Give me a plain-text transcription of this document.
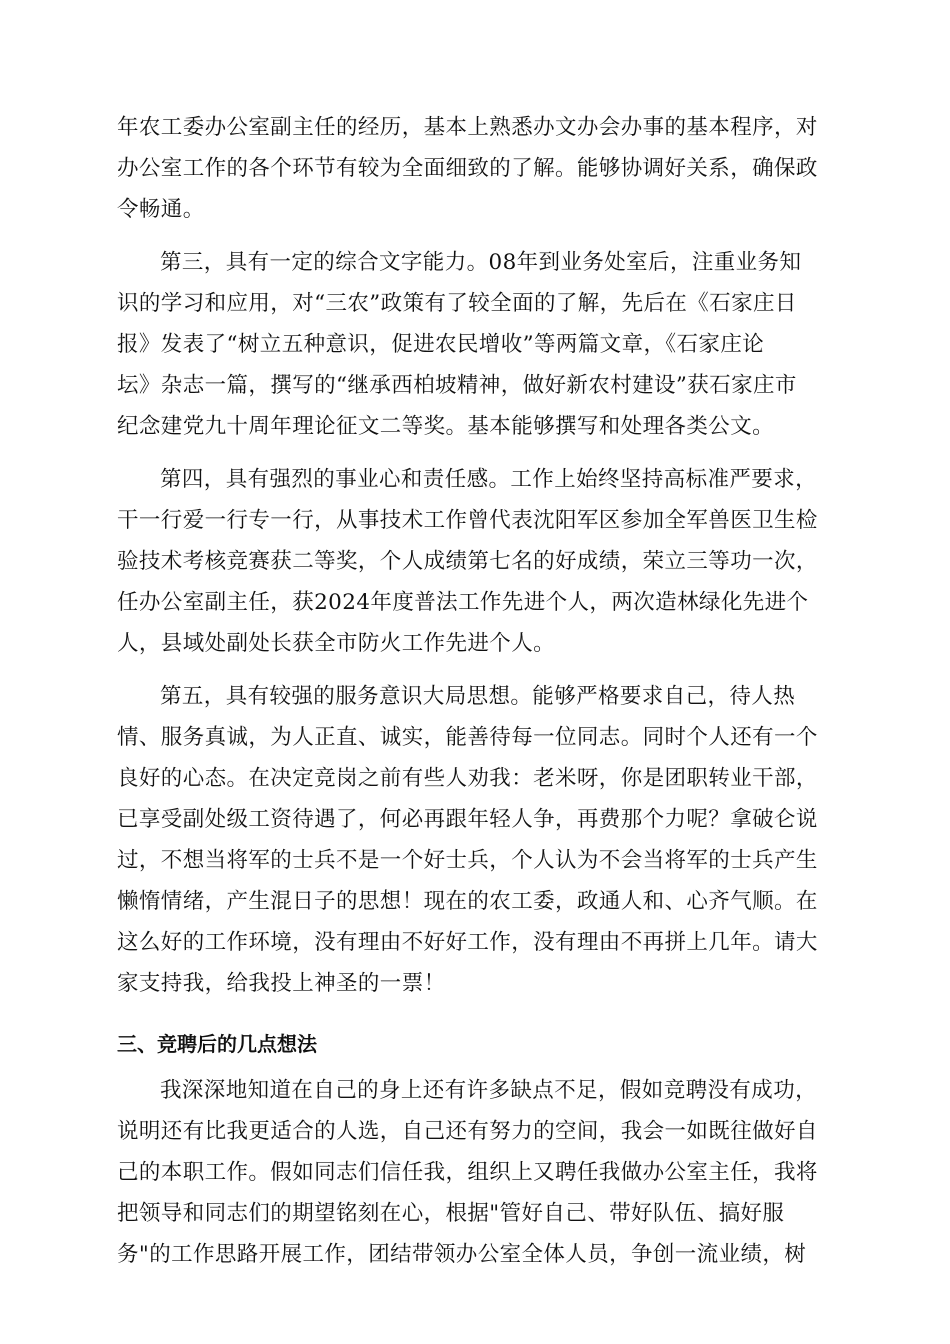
年农工委办公室副主任的经历，基本上熟悉办文办会办事的基本程序，对
办公室工作的各个环节有较为全面细致的了解。能够协调好关系，确保政
令畅通。
第三，具有一定的综合文字能力。08年到业务处室后，注重业务知
识的学习和应用，对“三农”政策有了较全面的了解，先后在《石家庄日
报》发表了“树立五种意识，促进农民增收”等两篇文章，《石家庄论
坛》杂志一篇，撰写的“继承西柏坡精神，做好新农村建设”获石家庄市
纪念建党九十周年理论征文二等奖。基本能够撰写和处理各类公文。
第四，具有强烈的事业心和责任感。工作上始终坚持高标准严要求，
干一行爱一行专一行，从事技术工作曾代表沈阳军区参加全军兽医卫生检
验技术考核竞赛获二等奖，个人成绩第七名的好成绩，荣立三等功一次，
任办公室副主任，获2024年度普法工作先进个人，两次造林绿化先进个
人，县域处副处长获全市防火工作先进个人。
第五，具有较强的服务意识大局思想。能够严格要求自己，待人热
情、服务真诚，为人正直、诚实，能善待每一位同志。同时个人还有一个
良好的心态。在决定竞岗之前有些人劝我：老米呀，你是团职转业干部，
已享受副处级工资待遇了，何必再跟年轻人争，再费那个力呢？拿破仑说
过，不想当将军的士兵不是一个好士兵，个人认为不会当将军的士兵产生
懒惰情绪，产生混日子的思想！现在的农工委，政通人和、心齐气顺。在
这么好的工作环境，没有理由不好好工作，没有理由不再拼上几年。请大
家支持我，给我投上神圣的一票！
三、竞聘后的几点想法
我深深地知道在自己的身上还有许多缺点不足，假如竞聘没有成功，
说明还有比我更适合的人选，自己还有努力的空间，我会一如既往做好自
己的本职工作。假如同志们信任我，组织上又聘任我做办公室主任，我将
把领导和同志们的期望铭刻在心，根据"管好自己、带好队伍、搞好服
务"的工作思路开展工作，团结带领办公室全体人员，争创一流业绩，树
